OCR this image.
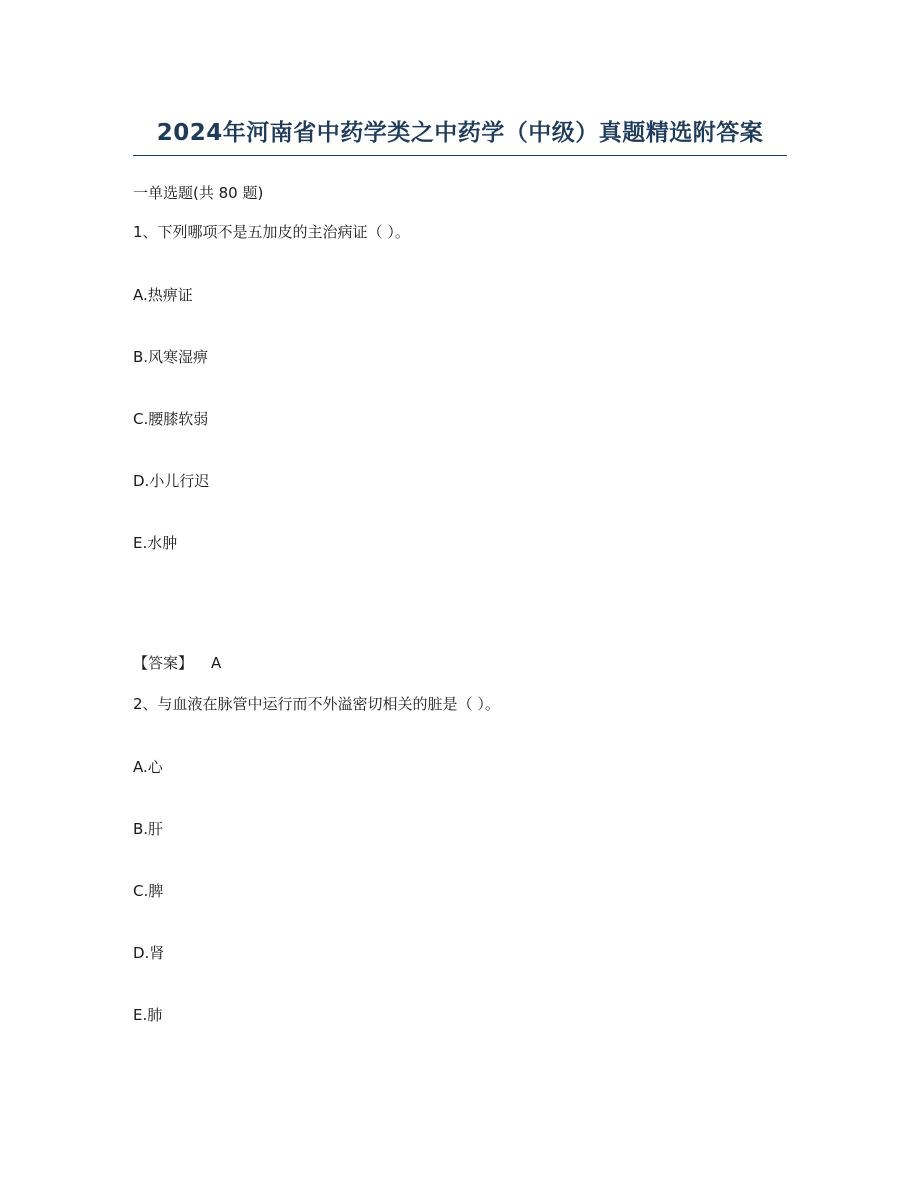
2024年河南省中药学类之中药学（中级）真题精选附答案
一单选题(共 80 题)
1、下列哪项不是五加皮的主治病证（ ）。
A.热痹证
B.风寒湿痹
C.腰膝软弱
D.小儿行迟
E.水肿
【答案】 A
2、与血液在脉管中运行而不外溢密切相关的脏是（ ）。
A.心
B.肝
C.脾
D.肾
E.肺
